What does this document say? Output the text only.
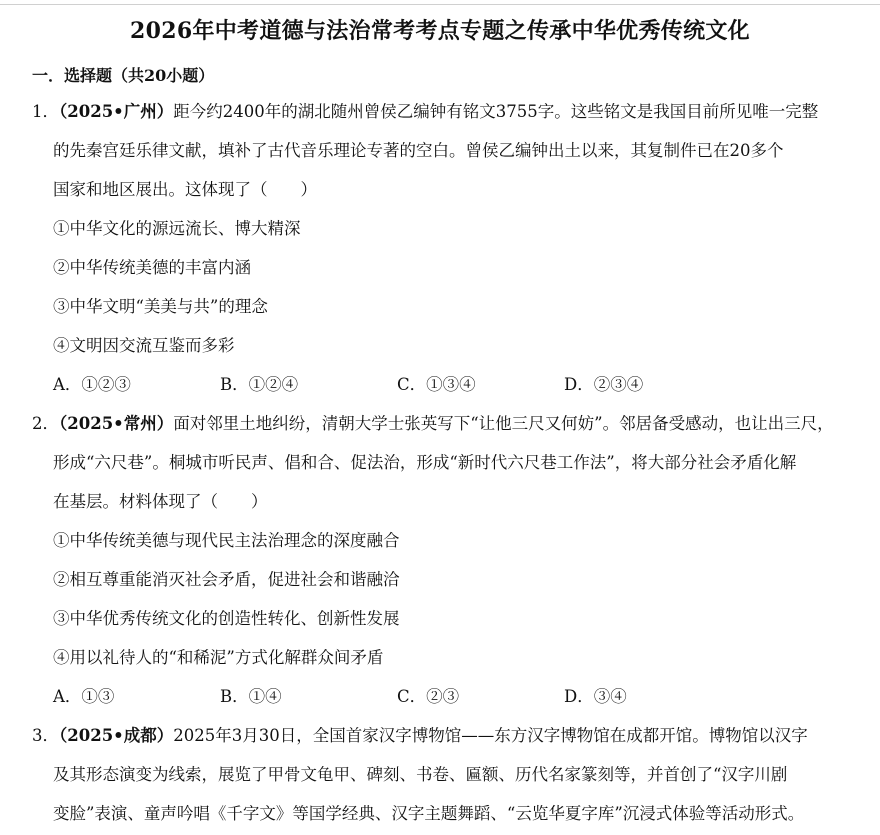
2026年中考道德与法治常考考点专题之传承中华优秀传统文化
一．选择题（共20小题）
1．（2025•广州）距今约2400年的湖北随州曾侯乙编钟有铭文3755字。这些铭文是我国目前所见唯一完整
的先秦宫廷乐律文献，填补了古代音乐理论专著的空白。曾侯乙编钟出土以来，其复制件已在20多个
国家和地区展出。这体现了（　　）
①中华文化的源远流长、博大精深
②中华传统美德的丰富内涵
③中华文明“美美与共”的理念
④文明因交流互鉴而多彩
A．①②③	B．①②④	C．①③④	D．②③④
2．（2025•常州）面对邻里土地纠纷，清朝大学士张英写下“让他三尺又何妨”。邻居备受感动，也让出三尺，
形成“六尺巷”。桐城市听民声、倡和合、促法治，形成“新时代六尺巷工作法”，将大部分社会矛盾化解
在基层。材料体现了（　　）
①中华传统美德与现代民主法治理念的深度融合
②相互尊重能消灭社会矛盾，促进社会和谐融洽
③中华优秀传统文化的创造性转化、创新性发展
④用以礼待人的“和稀泥”方式化解群众间矛盾
A．①③	B．①④	C．②③	D．③④
3．（2025•成都）2025年3月30日，全国首家汉字博物馆——东方汉字博物馆在成都开馆。博物馆以汉字
及其形态演变为线索，展览了甲骨文龟甲、碑刻、书卷、匾额、历代名家篆刻等，并首创了“汉字川剧
变脸”表演、童声吟唱《千字文》等国学经典、汉字主题舞蹈、“云览华夏字库”沉浸式体验等活动形式。
